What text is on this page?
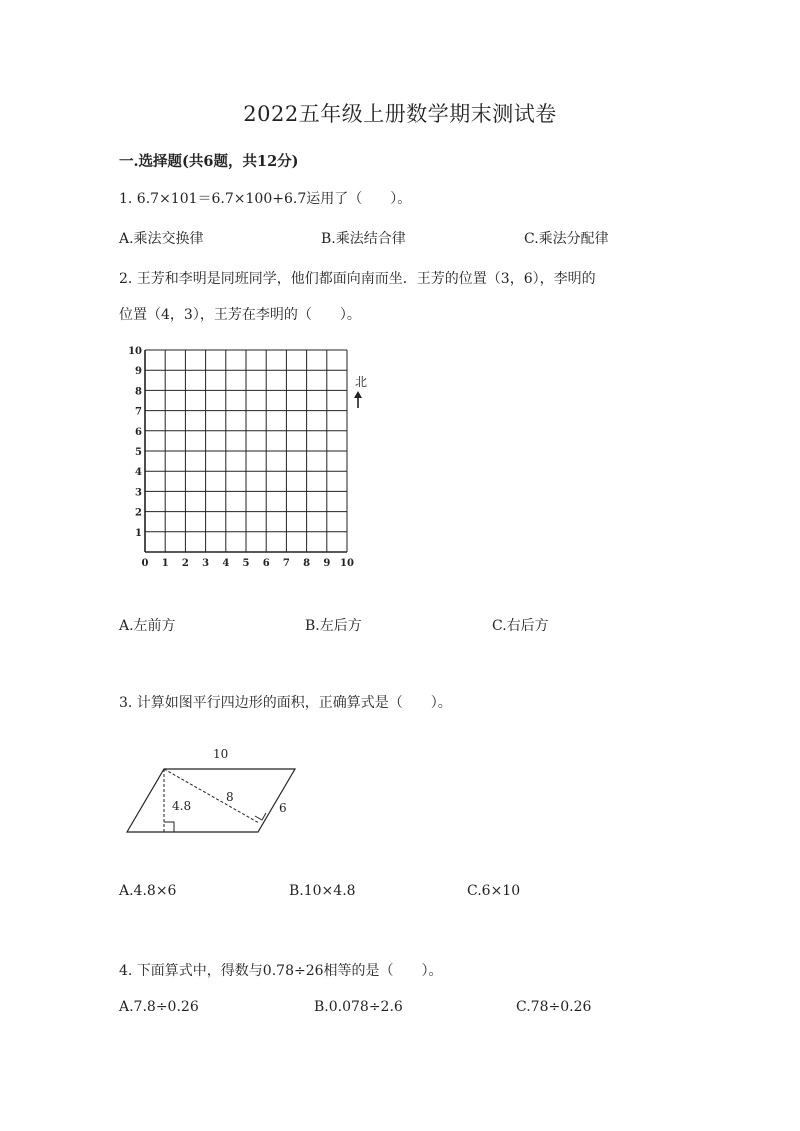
2022五年级上册数学期末测试卷
一.选择题(共6题，共12分)
1. 6.7×101＝6.7×100+6.7运用了（　　）。
A.乘法交换律	B.乘法结合律	C.乘法分配律
2. 王芳和李明是同班同学，他们都面向南而坐．王芳的位置（3，6），李明的
位置（4，3），王芳在李明的（　　）。
0 1 2 3 4 5 6 7 8 9 10
1
2
3
4
5
6
7
8
9
10
北
A.左前方	B.左后方	C.右后方
3. 计算如图平行四边形的面积，正确算式是（　　）。
10
4.8
8
6
A.4.8×6	B.10×4.8	C.6×10
4. 下面算式中，得数与0.78÷26相等的是（　　）。
A.7.8÷0.26	B.0.078÷2.6	C.78÷0.26
